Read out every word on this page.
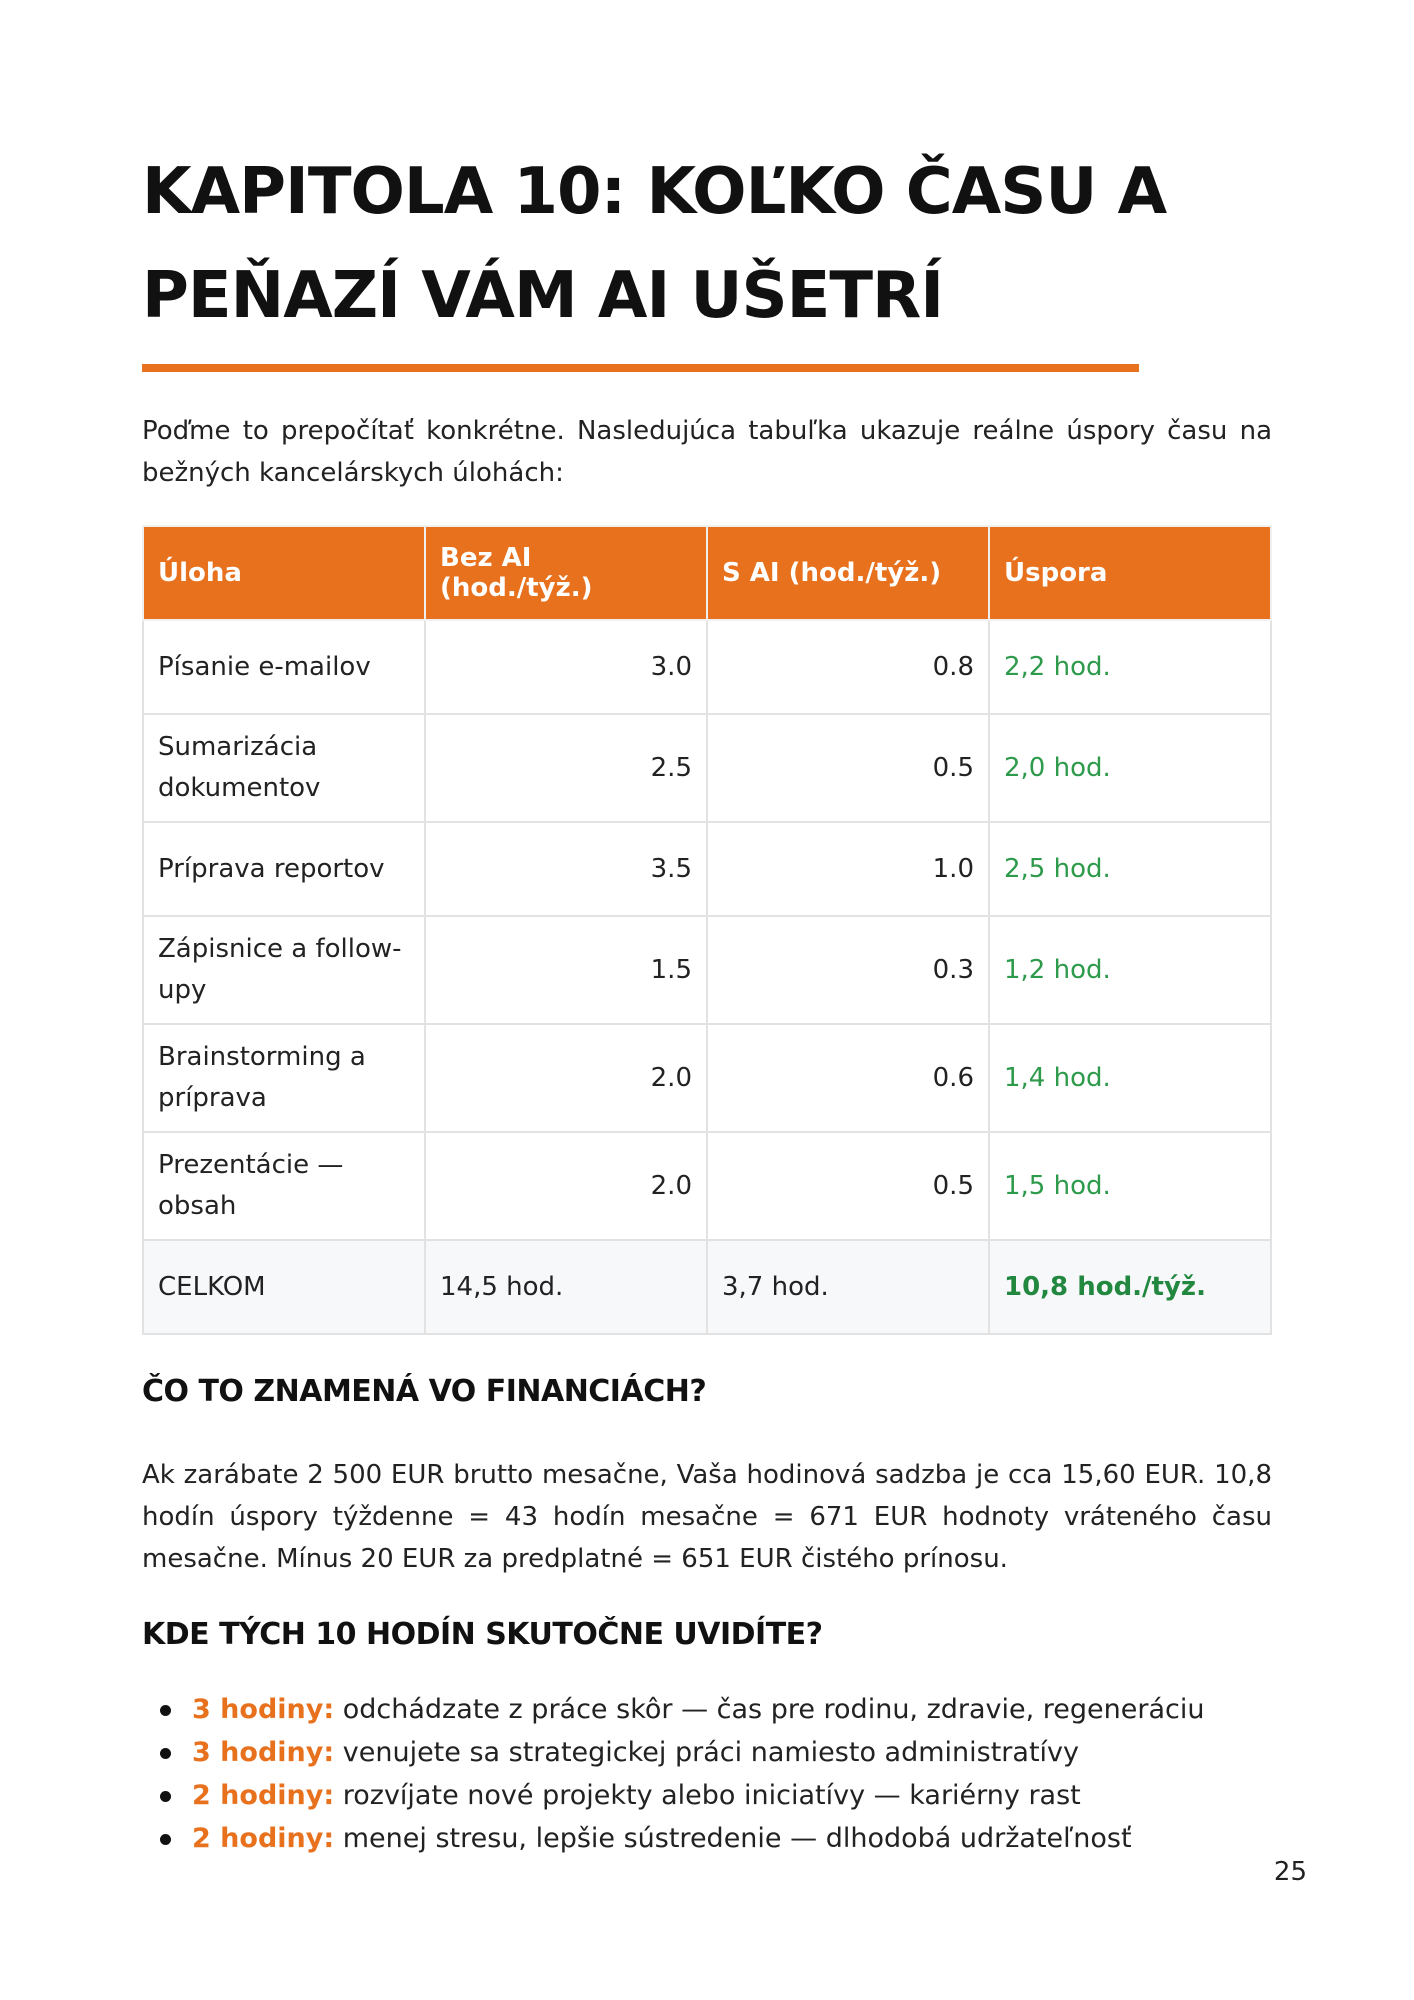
KAPITOLA 10: KOĽKO ČASU A
PEŇAZÍ VÁM AI UŠETRÍ

Poďme to prepočítať konkrétne. Nasledujúca tabuľka ukazuje reálne úspory času na bežných kancelárskych úlohách:

Úloha	Bez AI (hod./týž.)	S AI (hod./týž.)	Úspora
Písanie e-mailov	3.0	0.8	2,2 hod.
Sumarizácia dokumentov	2.5	0.5	2,0 hod.
Príprava reportov	3.5	1.0	2,5 hod.
Zápisnice a follow-upy	1.5	0.3	1,2 hod.
Brainstorming a príprava	2.0	0.6	1,4 hod.
Prezentácie — obsah	2.0	0.5	1,5 hod.
CELKOM	14,5 hod.	3,7 hod.	10,8 hod./týž.
ČO TO ZNAMENÁ VO FINANCIÁCH?

Ak zarábate 2 500 EUR brutto mesačne, Vaša hodinová sadzba je cca 15,60 EUR. 10,8 hodín úspory týždenne = 43 hodín mesačne = 671 EUR hodnoty vráteného času mesačne. Mínus 20 EUR za predplatné = 651 EUR čistého prínosu.

KDE TÝCH 10 HODÍN SKUTOČNE UVIDÍTE?
3 hodiny: odchádzate z práce skôr — čas pre rodinu, zdravie, regeneráciu
3 hodiny: venujete sa strategickej práci namiesto administratívy
2 hodiny: rozvíjate nové projekty alebo iniciatívy — kariérny rast
2 hodiny: menej stresu, lepšie sústredenie — dlhodobá udržateľnosť
25
